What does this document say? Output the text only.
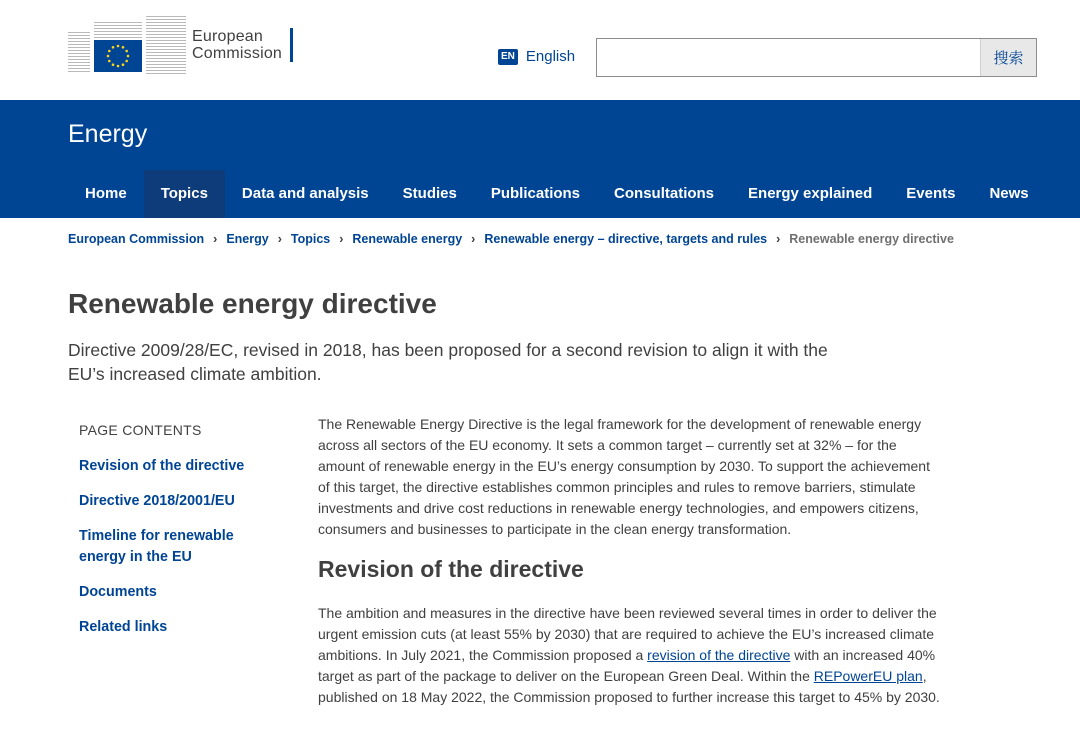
European
Commission	EN English	搜索
Energy
Home	Topics	Data and analysis	Studies	Publications	Consultations	Energy explained	Events	News
European Commission › Energy › Topics › Renewable energy › Renewable energy – directive, targets and rules › Renewable energy directive
Renewable energy directive

Directive 2009/28/EC, revised in 2018, has been proposed for a second revision to align it with the EU’s increased climate ambition.

PAGE CONTENTS
Revision of the directive
Directive 2018/2001/EU
Timeline for renewable energy in the EU
Documents
Related links

The Renewable Energy Directive is the legal framework for the development of renewable energy across all sectors of the EU economy. It sets a common target – currently set at 32% – for the amount of renewable energy in the EU’s energy consumption by 2030. To support the achievement of this target, the directive establishes common principles and rules to remove barriers, stimulate investments and drive cost reductions in renewable energy technologies, and empowers citizens, consumers and businesses to participate in the clean energy transformation.

Revision of the directive

The ambition and measures in the directive have been reviewed several times in order to deliver the urgent emission cuts (at least 55% by 2030) that are required to achieve the EU’s increased climate ambitions. In July 2021, the Commission proposed a revision of the directive with an increased 40% target as part of the package to deliver on the European Green Deal. Within the REPowerEU plan, published on 18 May 2022, the Commission proposed to further increase this target to 45% by 2030.
